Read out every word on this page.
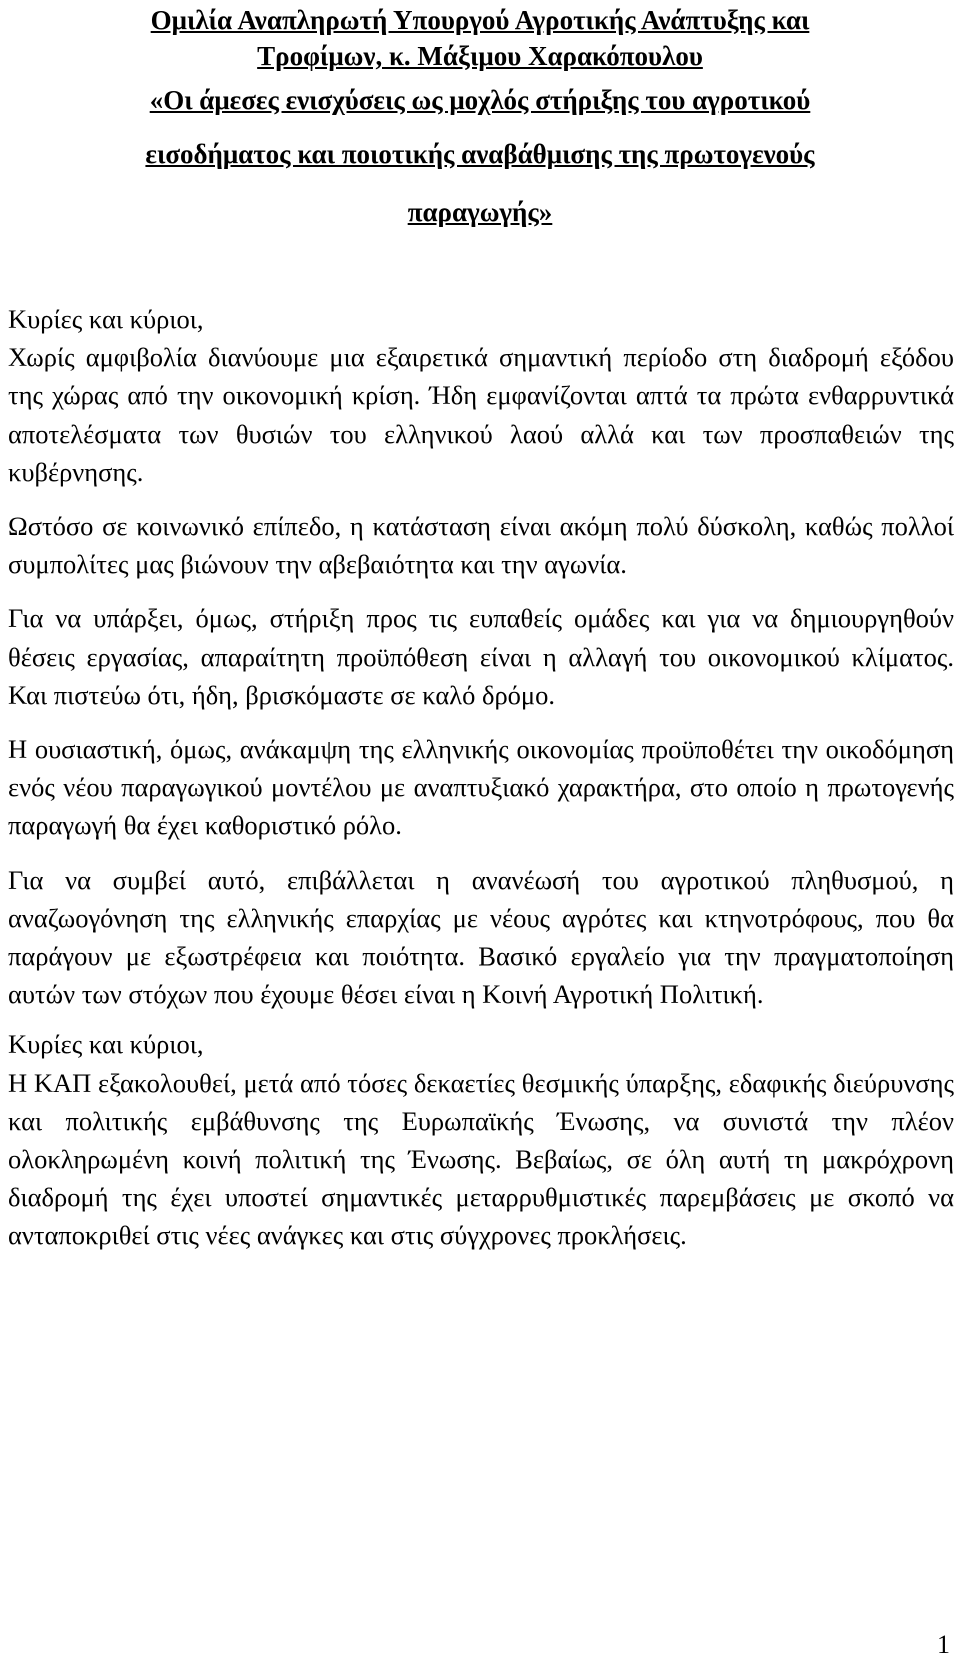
Ομιλία Αναπληρωτή Υπουργού Αγροτικής Ανάπτυξης και
Τροφίμων, κ. Μάξιμου Χαρακόπουλου
«Οι άμεσες ενισχύσεις ως μοχλός στήριξης του αγροτικού
εισοδήματος και ποιοτικής αναβάθμισης της πρωτογενούς
παραγωγής»

Κυρίες και κύριοι,

Χωρίς αμφιβολία διανύουμε μια εξαιρετικά σημαντική περίοδο στη διαδρομή εξόδου της χώρας από την οικονομική κρίση. Ήδη εμφανίζονται απτά τα πρώτα ενθαρρυντικά αποτελέσματα των θυσιών του ελληνικού λαού αλλά και των προσπαθειών της κυβέρνησης.

Ωστόσο σε κοινωνικό επίπεδο, η κατάσταση είναι ακόμη πολύ δύσκολη, καθώς πολλοί συμπολίτες μας βιώνουν την αβεβαιότητα και την αγωνία.

Για να υπάρξει, όμως, στήριξη προς τις ευπαθείς ομάδες και για να δημιουργηθούν θέσεις εργασίας, απαραίτητη προϋπόθεση είναι η αλλαγή του οικονομικού κλίματος. Και πιστεύω ότι, ήδη, βρισκόμαστε σε καλό δρόμο.

Η ουσιαστική, όμως, ανάκαμψη της ελληνικής οικονομίας προϋποθέτει την οικοδόμηση ενός νέου παραγωγικού μοντέλου με αναπτυξιακό χαρακτήρα, στο οποίο η πρωτογενής παραγωγή θα έχει καθοριστικό ρόλο.

Για να συμβεί αυτό, επιβάλλεται η ανανέωσή του αγροτικού πληθυσμού, η αναζωογόνηση της ελληνικής επαρχίας με νέους αγρότες και κτηνοτρόφους, που θα παράγουν με εξωστρέφεια και ποιότητα. Βασικό εργαλείο για την πραγματοποίηση αυτών των στόχων που έχουμε θέσει είναι η Κοινή Αγροτική Πολιτική.

Κυρίες και κύριοι,

Η ΚΑΠ εξακολουθεί, μετά από τόσες δεκαετίες θεσμικής ύπαρξης, εδαφικής διεύρυνσης και πολιτικής εμβάθυνσης της Ευρωπαϊκής Ένωσης, να συνιστά την πλέον ολοκληρωμένη κοινή πολιτική της Ένωσης. Βεβαίως, σε όλη αυτή τη μακρόχρονη διαδρομή της έχει υποστεί σημαντικές μεταρρυθμιστικές παρεμβάσεις με σκοπό να ανταποκριθεί στις νέες ανάγκες και στις σύγχρονες προκλήσεις.

1
